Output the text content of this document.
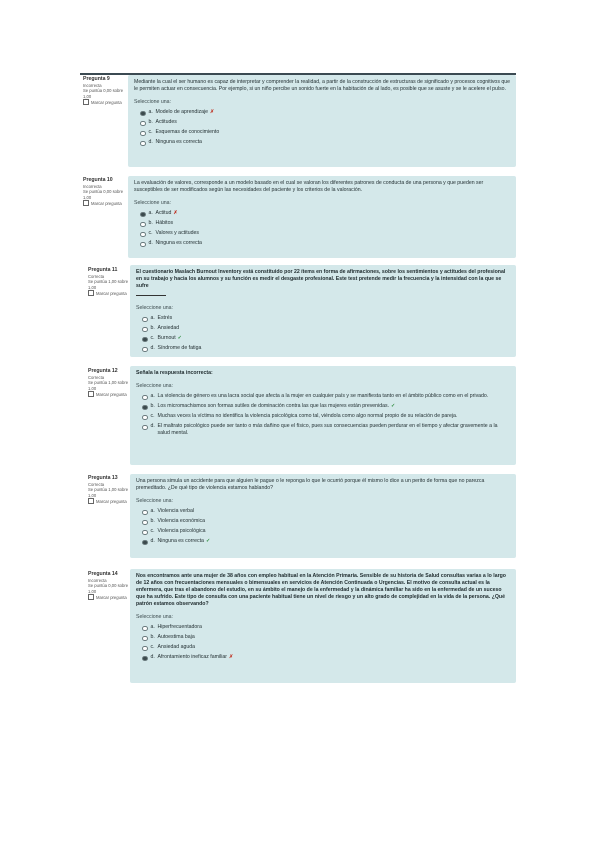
Pregunta 9
Incorrecta
Se puntúa 0,00 sobre 1,00
Marcar pregunta

Mediante la cual el ser humano es capaz de interpretar y comprender la realidad, a partir de la construcción de estructuras de significado y procesos cognitivos que le permiten actuar en consecuencia. Por ejemplo, si un niño percibe un sonido fuerte en la habitación de al lado, es posible que se asuste y se le acelere el pulso.

Seleccione una:
a. Modelo de aprendizaje ✗
b. Actitudes
c. Esquemas de conocimiento
d. Ninguna es correcta
Pregunta 10
Incorrecta
Se puntúa 0,00 sobre 1,00
Marcar pregunta

La evaluación de valores, corresponde a un modelo basado en el cual se valoran los diferentes patrones de conducta de una persona y que pueden ser susceptibles de ser modificados según las necesidades del paciente y los criterios de la valoración.

Seleccione una:
a. Actitud ✗
b. Hábitos
c. Valores y actitudes
d. Ninguna es correcta
Pregunta 11
Correcta
Se puntúa 1,00 sobre 1,00
Marcar pregunta

El cuestionario Maslach Burnout Inventory está constituido por 22 ítems en forma de afirmaciones, sobre los sentimientos y actitudes del profesional en su trabajo y hacia los alumnos y su función es medir el desgaste profesional. Este test pretende medir la frecuencia y la intensidad con la que se sufre

Seleccione una:
a. Estrés
b. Ansiedad
c. Burnout ✓
d. Síndrome de fatiga
Pregunta 12
Correcta
Se puntúa 1,00 sobre 1,00
Marcar pregunta

Señala la respuesta incorrecta:

Seleccione una:
a. La violencia de género es una lacra social que afecta a la mujer en cualquier país y se manifiesta tanto en el ámbito público como en el privado.
b. Los micromachismos son formas sutiles de dominación contra las que las mujeres están prevenidas. ✓
c. Muchas veces la víctima no identifica la violencia psicológica como tal, viéndola como algo normal propio de su relación de pareja.
d. El maltrato psicológico puede ser tanto o más dañino que el físico, pues sus consecuencias pueden perdurar en el tiempo y afectar gravemente a la salud mental.
Pregunta 13
Correcta
Se puntúa 1,00 sobre 1,00
Marcar pregunta

Una persona simula un accidente para que alguien le pague o le reponga lo que le ocurrió porque él mismo lo dice a un perito de forma que no parezca premeditado. ¿De qué tipo de violencia estamos hablando?

Seleccione una:
a. Violencia verbal
b. Violencia económica
c. Violencia psicológica
d. Ninguna es correcta ✓
Pregunta 14
Incorrecta
Se puntúa 0,00 sobre 1,00
Marcar pregunta

Nos encontramos ante una mujer de 38 años con empleo habitual en la Atención Primaria. Sensible de su historia de Salud consultas varias a lo largo de 12 años con frecuentaciones mensuales o bimensuales en servicios de Atención Continuada o Urgencias. El motivo de consulta actual es la enfermera, que tras el abandono del estudio, en su ámbito el manejo de la enfermedad y la dinámica familiar ha sido en la enfermedad de un suceso que ha sufrido. Este tipo de consulta con una paciente habitual tiene un nivel de riesgo y un alto grado de complejidad en la vida de la persona. ¿Qué patrón estamos observando?

Seleccione una:
a. Hiperfrecuentadora
b. Autoestima baja
c. Ansiedad aguda
d. Afrontamiento ineficaz familiar ✗
